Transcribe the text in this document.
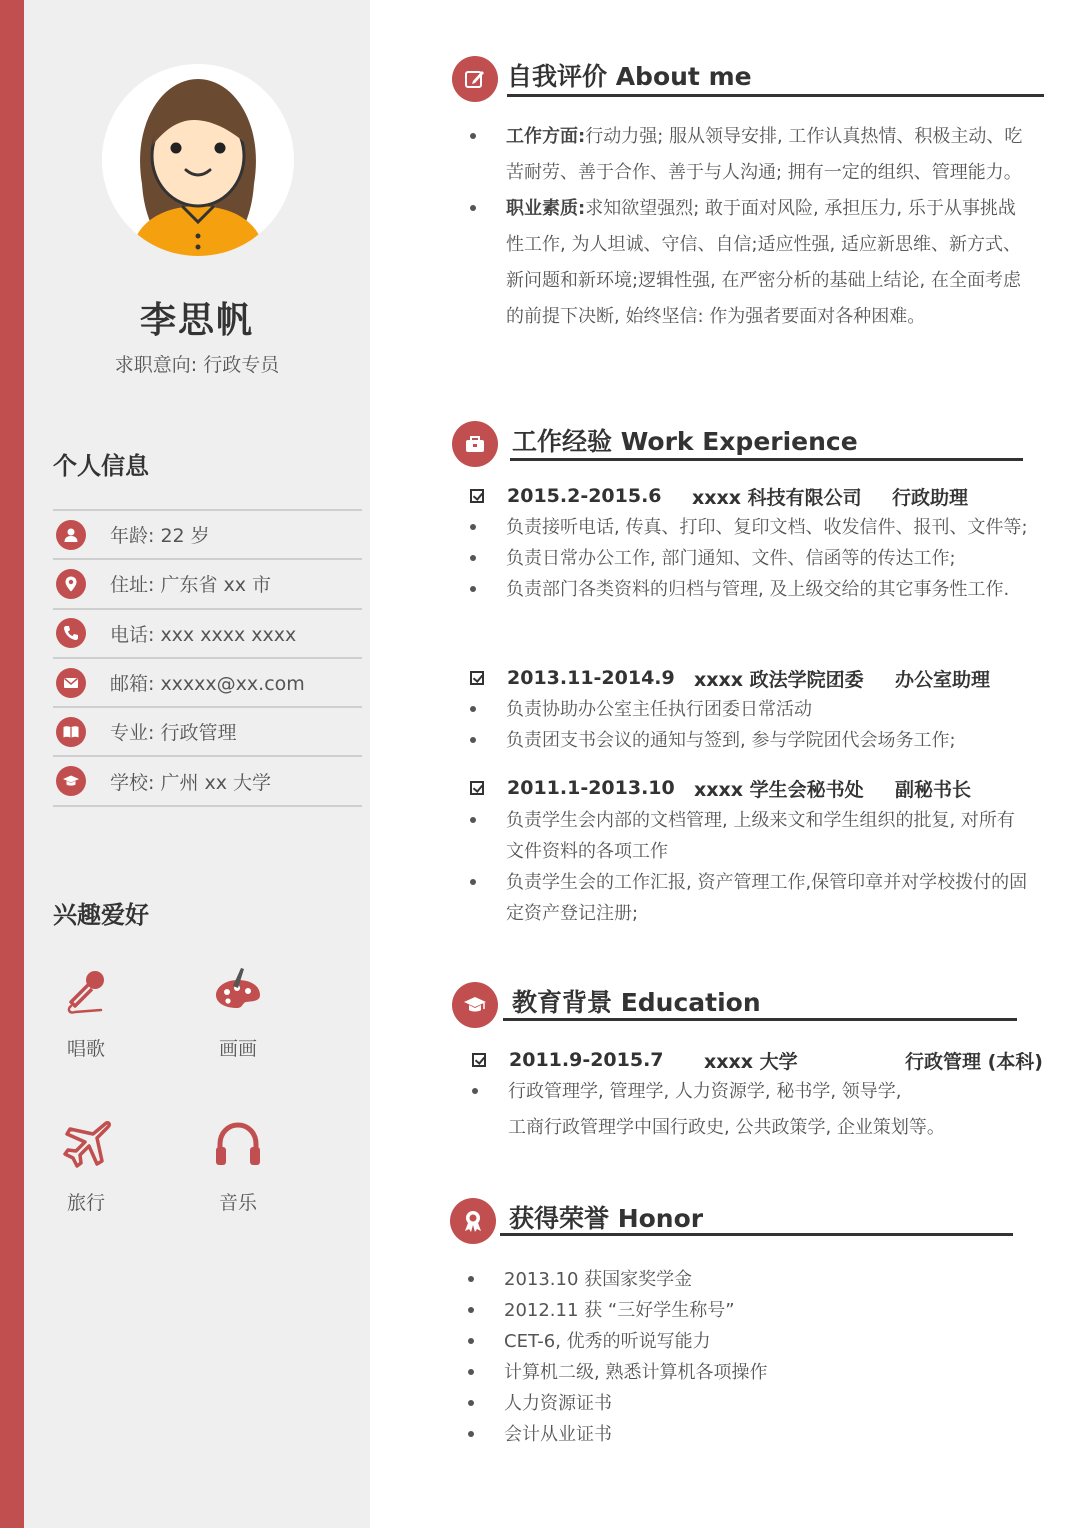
李思帆
求职意向: 行政专员
个人信息
年龄: 22 岁
住址: 广东省 xx 市
电话: xxx xxxx xxxx
邮箱: xxxxx@xx.com
专业: 行政管理
学校: 广州 xx 大学
兴趣爱好
唱歌	画画
旅行	音乐
自我评价 About me
工作方面:行动力强; 服从领导安排, 工作认真热情、积极主动、吃苦耐劳、善于合作、善于与人沟通; 拥有一定的组织、管理能力。
职业素质:求知欲望强烈; 敢于面对风险, 承担压力, 乐于从事挑战性工作, 为人坦诚、守信、自信;适应性强, 适应新思维、新方式、新问题和新环境;逻辑性强, 在严密分析的基础上结论, 在全面考虑的前提下决断, 始终坚信: 作为强者要面对各种困难。
工作经验 Work Experience
2015.2-2015.6	xxxx 科技有限公司	行政助理
负责接听电话, 传真、打印、复印文档、收发信件、报刊、文件等;
负责日常办公工作, 部门通知、文件、信函等的传达工作;
负责部门各类资料的归档与管理, 及上级交给的其它事务性工作.
2013.11-2014.9	xxxx 政法学院团委	办公室助理
负责协助办公室主任执行团委日常活动
负责团支书会议的通知与签到, 参与学院团代会场务工作;
2011.1-2013.10	xxxx 学生会秘书处	副秘书长
负责学生会内部的文档管理, 上级来文和学生组织的批复, 对所有文件资料的各项工作
负责学生会的工作汇报, 资产管理工作,保管印章并对学校拨付的固定资产登记注册;
教育背景 Education
2011.9-2015.7	xxxx 大学	行政管理 (本科)
行政管理学, 管理学, 人力资源学, 秘书学, 领导学,
工商行政管理学中国行政史, 公共政策学, 企业策划等。
获得荣誉 Honor
2013.10 获国家奖学金
2012.11 获 “三好学生称号”
CET-6, 优秀的听说写能力
计算机二级, 熟悉计算机各项操作
人力资源证书
会计从业证书
